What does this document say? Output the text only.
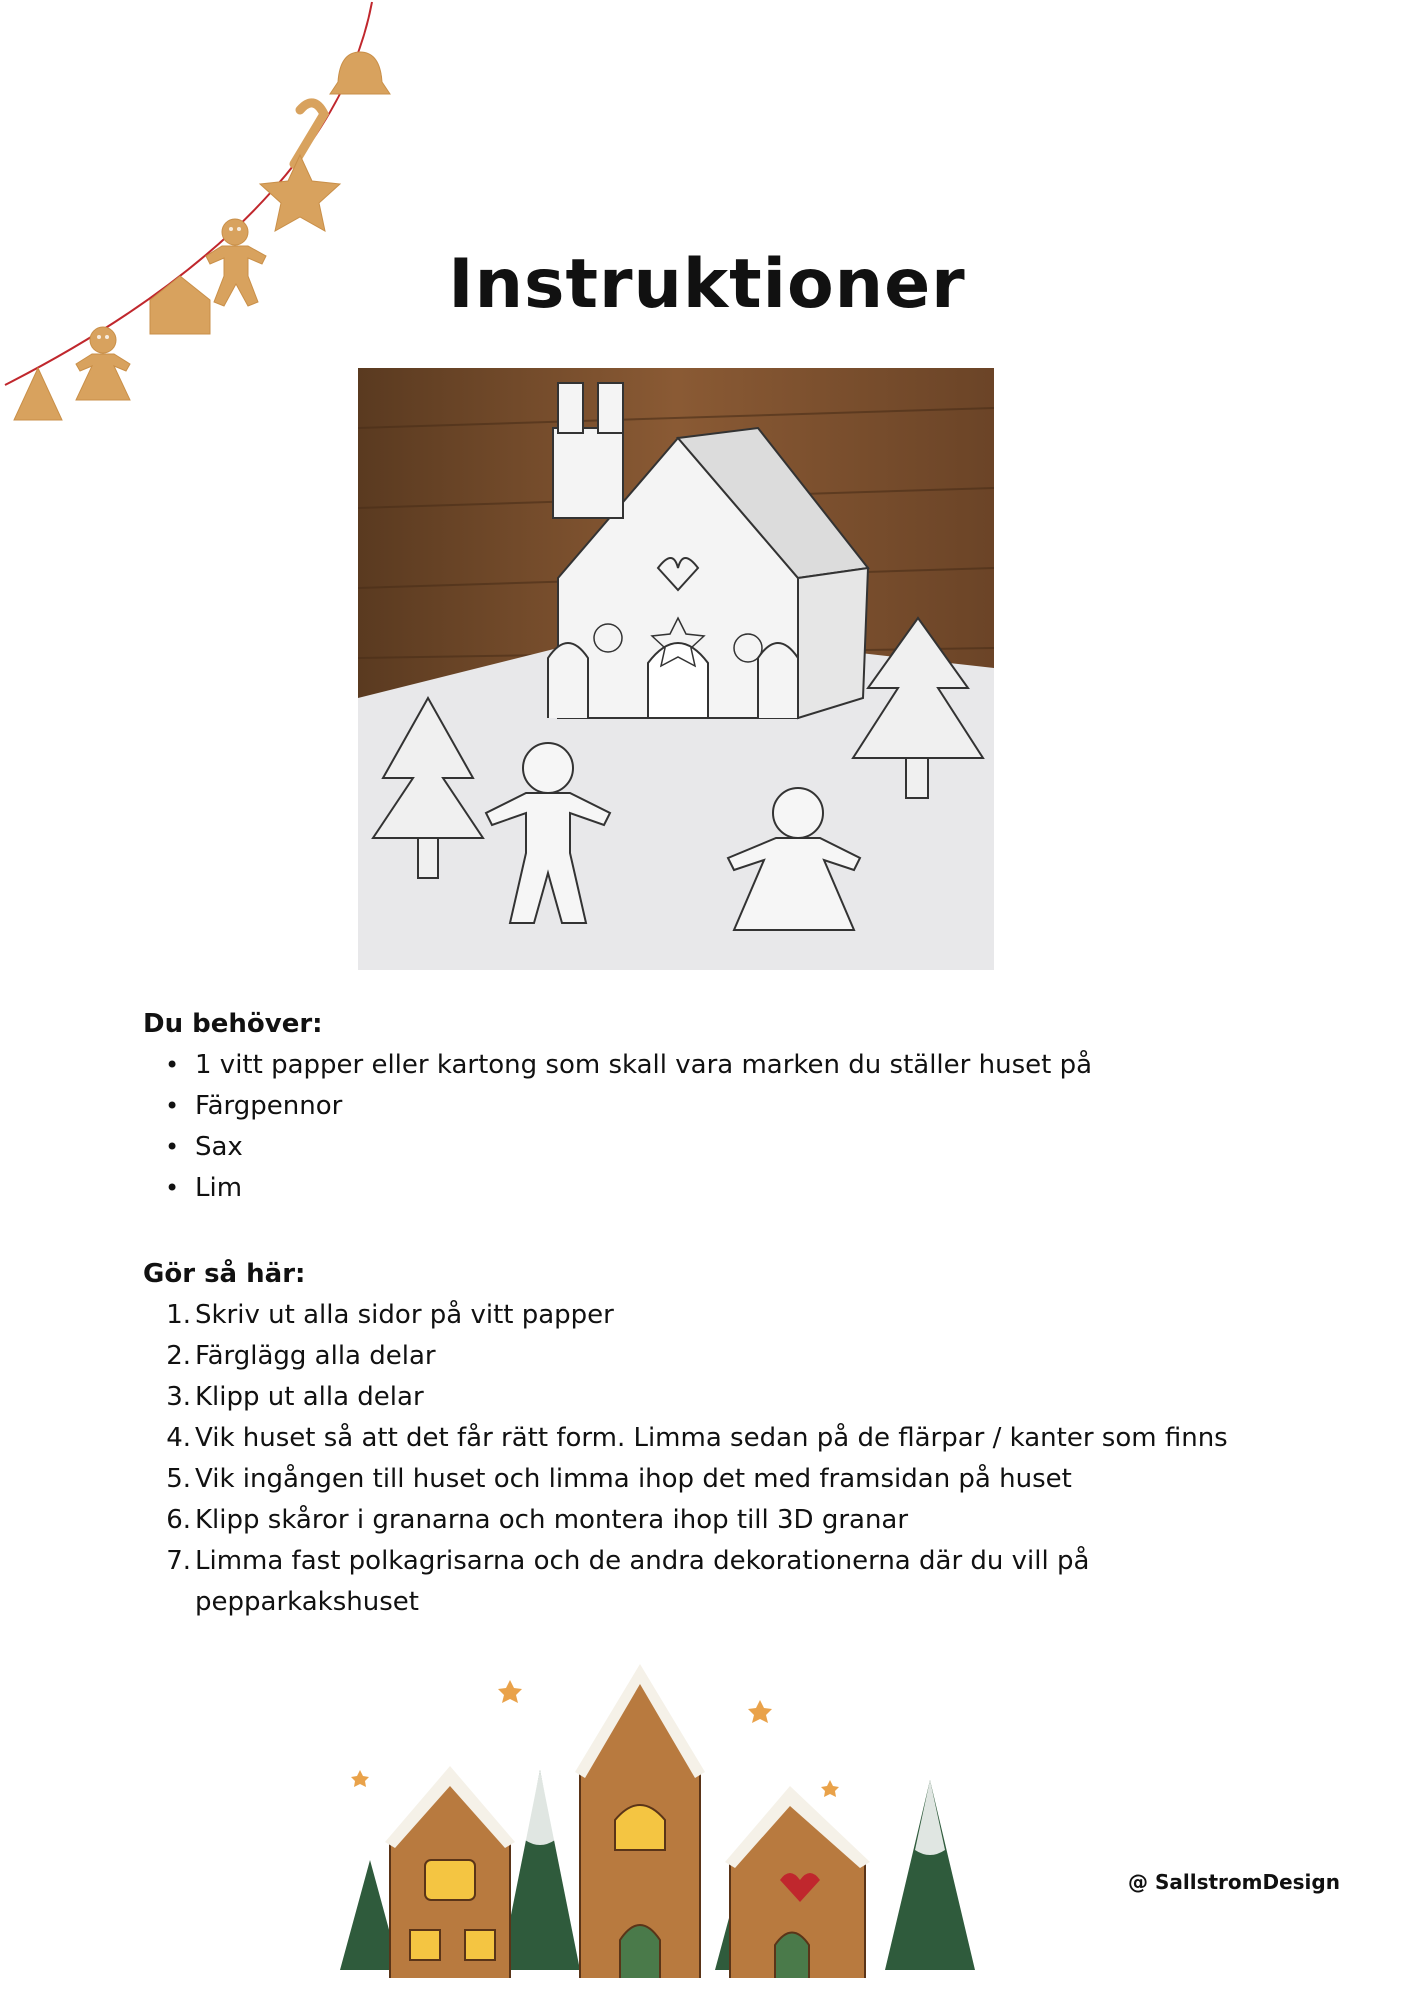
Instruktioner
Du behöver:
• 1 vitt papper eller kartong som skall vara marken du ställer huset på
• Färgpennor
• Sax
• Lim
Gör så här:
1. Skriv ut alla sidor på vitt papper
2. Färglägg alla delar
3. Klipp ut alla delar
4. Vik huset så att det får rätt form. Limma sedan på de flärpar / kanter som finns
5. Vik ingången till huset och limma ihop det med framsidan på huset
6. Klipp skåror i granarna och montera ihop till 3D granar
7. Limma fast polkagrisarna och de andra dekorationerna där du vill på pepparkakshuset
@ SallstromDesign
